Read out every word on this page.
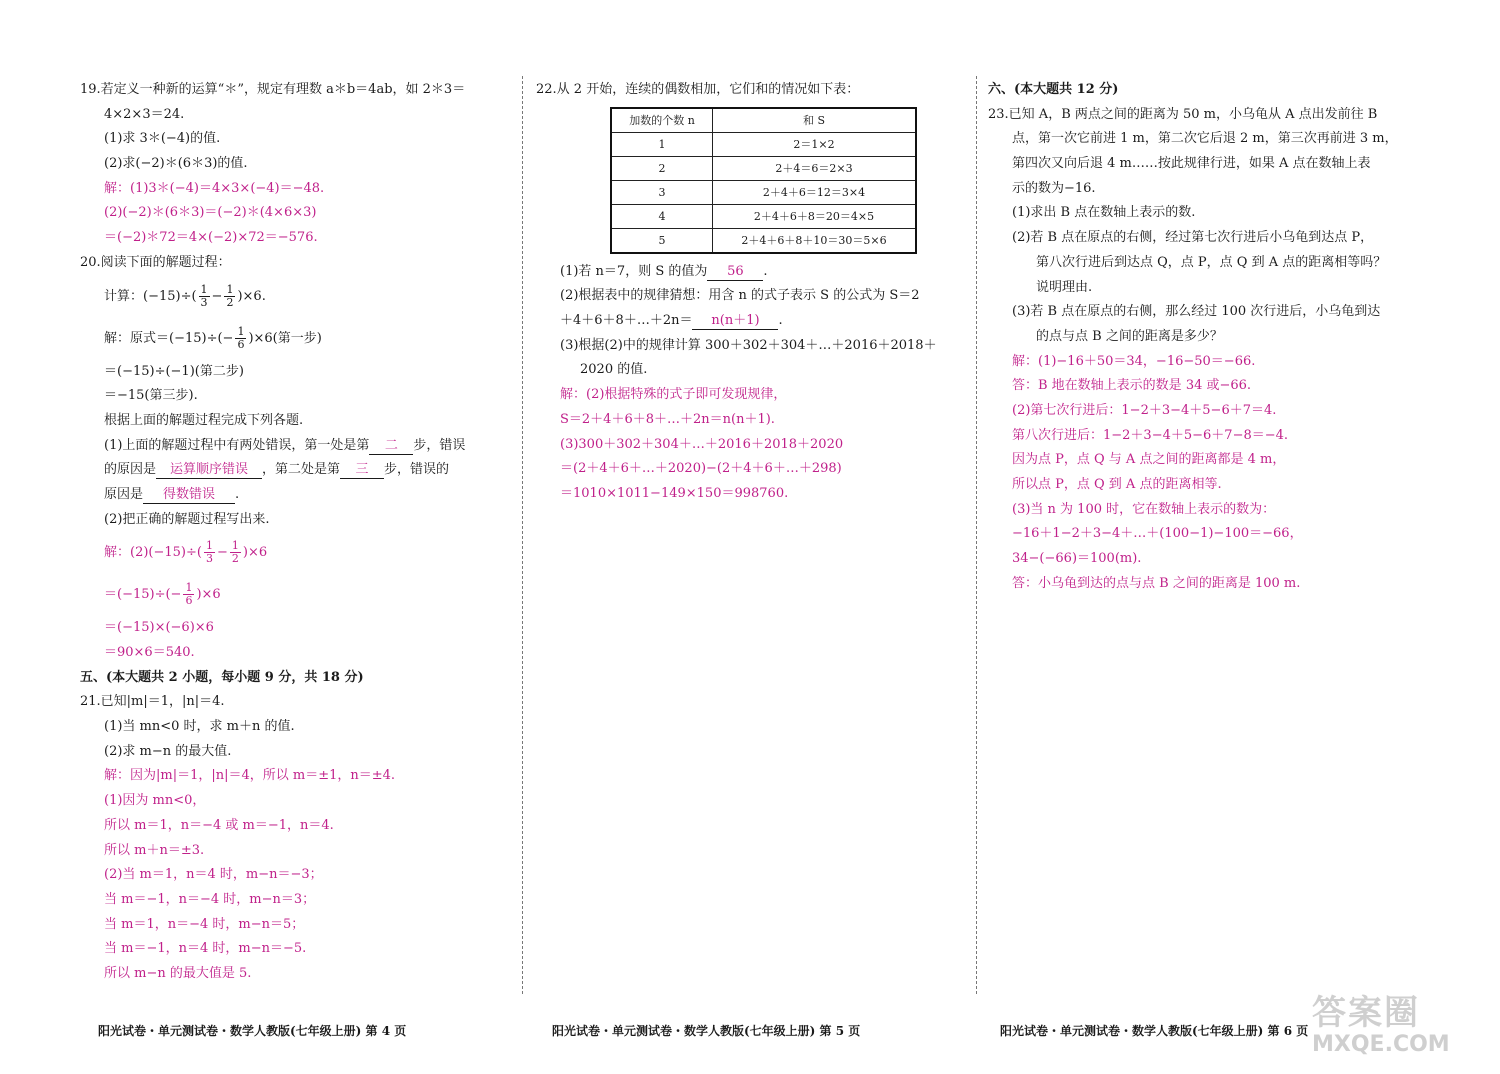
19.若定义一种新的运算“＊”，规定有理数 a＊b＝4ab，如 2＊3＝
4×2×3＝24.
(1)求 3＊(−4)的值.
(2)求(−2)＊(6＊3)的值.
解：(1)3＊(−4)＝4×3×(−4)＝−48.
(2)(−2)＊(6＊3)＝(−2)＊(4×6×3)
＝(−2)＊72＝4×(−2)×72＝−576.
20.阅读下面的解题过程：
计算：$(-15)\div( \frac{1}{3} - \frac{1}{2} )\times 6$.
解：原式$=(-15)\div(- \frac{1}{6} )\times 6$(第一步)
＝(−15)÷(−1)(第二步)
＝−15(第三步).
根据上面的解题过程完成下列各题.
(1)上面的解题过程中有两处错误，第一处是第 二 步，错误
的原因是 运算顺序错误 ，第二处是第 三 步，错误的
原因是 得数错误 .
(2)把正确的解题过程写出来.
解：$(2)(-15)\div( \frac{1}{3} - \frac{1}{2} )\times 6$
$=(-15)\div(- \frac{1}{6} )\times 6$
＝(−15)×(−6)×6
＝90×6＝540.
五、(本大题共 2 小题，每小题 9 分，共 18 分)
21.已知|m|＝1，|n|＝4.
(1)当 mn<0 时，求 m＋n 的值.
(2)求 m−n 的最大值.
解：因为|m|＝1，|n|＝4，所以 m＝±1，n＝±4.
(1)因为 mn<0，
所以 m＝1，n＝−4 或 m＝−1，n＝4.
所以 m＋n＝±3.
(2)当 m＝1，n＝4 时，m−n＝−3；
当 m＝−1，n＝−4 时，m−n＝3；
当 m＝1，n＝−4 时，m−n＝5；
当 m＝−1，n＝4 时，m−n＝−5.
所以 m−n 的最大值是 5.
22.从 2 开始，连续的偶数相加，它们和的情况如下表：
加数的个数 n	和 S
1	2＝1×2
2	2＋4＝6＝2×3
3	2＋4＋6＝12＝3×4
4	2＋4＋6＋8＝20＝4×5
5	2＋4＋6＋8＋10＝30＝5×6
(1)若 n＝7，则 S 的值为 56 .
(2)根据表中的规律猜想：用含 n 的式子表示 S 的公式为 S＝2
＋4＋6＋8＋…＋2n＝ n(n＋1) .
(3)根据(2)中的规律计算 300＋302＋304＋…＋2016＋2018＋
2020 的值.
解：(2)根据特殊的式子即可发现规律，
S＝2＋4＋6＋8＋…＋2n＝n(n＋1).
(3)300＋302＋304＋…＋2016＋2018＋2020
＝(2＋4＋6＋…＋2020)−(2＋4＋6＋…＋298)
＝1010×1011−149×150＝998760.
六、(本大题共 12 分)
23.已知 A，B 两点之间的距离为 50 m，小乌龟从 A 点出发前往 B
点，第一次它前进 1 m，第二次它后退 2 m，第三次再前进 3 m，
第四次又向后退 4 m……按此规律行进，如果 A 点在数轴上表
示的数为−16.
(1)求出 B 点在数轴上表示的数.
(2)若 B 点在原点的右侧，经过第七次行进后小乌龟到达点 P，
第八次行进后到达点 Q，点 P，点 Q 到 A 点的距离相等吗？
说明理由.
(3)若 B 点在原点的右侧，那么经过 100 次行进后，小乌龟到达
的点与点 B 之间的距离是多少？
解：(1)−16＋50＝34，−16−50＝−66.
答：B 地在数轴上表示的数是 34 或−66.
(2)第七次行进后：1−2＋3−4＋5−6＋7＝4.
第八次行进后：1−2＋3−4＋5−6＋7−8＝−4.
因为点 P，点 Q 与 A 点之间的距离都是 4 m，
所以点 P，点 Q 到 A 点的距离相等.
(3)当 n 为 100 时，它在数轴上表示的数为：
−16＋1−2＋3−4＋…＋(100−1)−100＝−66，
34−(−66)＝100(m).
答：小乌龟到达的点与点 B 之间的距离是 100 m.
阳光试卷・单元测试卷・数学人教版(七年级上册) 第 4 页	阳光试卷・单元测试卷・数学人教版(七年级上册) 第 5 页	阳光试卷・单元测试卷・数学人教版(七年级上册) 第 6 页 答案圈
MXQE.COM
